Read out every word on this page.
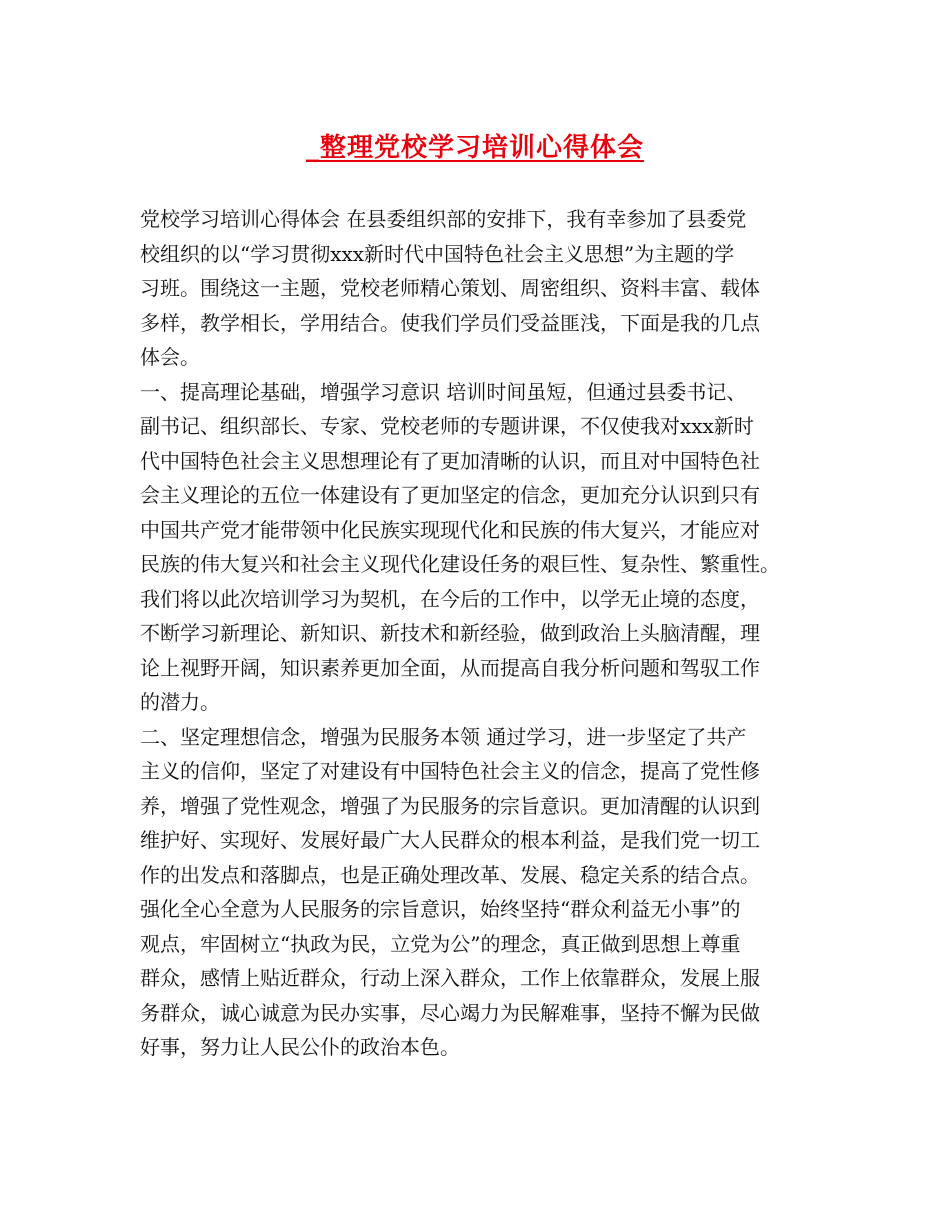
_整理党校学习培训心得体会
党校学习培训心得体会 在县委组织部的安排下，我有幸参加了县委党
校组织的以“学习贯彻xxx新时代中国特色社会主义思想”为主题的学
习班。围绕这一主题，党校老师精心策划、周密组织、资料丰富、载体
多样，教学相长，学用结合。使我们学员们受益匪浅，下面是我的几点
体会。
一、提高理论基础，增强学习意识 培训时间虽短，但通过县委书记、
副书记、组织部长、专家、党校老师的专题讲课，不仅使我对xxx新时
代中国特色社会主义思想理论有了更加清晰的认识，而且对中国特色社
会主义理论的五位一体建设有了更加坚定的信念，更加充分认识到只有
中国共产党才能带领中化民族实现现代化和民族的伟大复兴，才能应对
民族的伟大复兴和社会主义现代化建设任务的艰巨性、复杂性、繁重性。
我们将以此次培训学习为契机，在今后的工作中，以学无止境的态度，
不断学习新理论、新知识、新技术和新经验，做到政治上头脑清醒，理
论上视野开阔，知识素养更加全面，从而提高自我分析问题和驾驭工作
的潜力。
二、坚定理想信念，增强为民服务本领 通过学习，进一步坚定了共产
主义的信仰，坚定了对建设有中国特色社会主义的信念，提高了党性修
养，增强了党性观念，增强了为民服务的宗旨意识。更加清醒的认识到
维护好、实现好、发展好最广大人民群众的根本利益，是我们党一切工
作的出发点和落脚点，也是正确处理改革、发展、稳定关系的结合点。
强化全心全意为人民服务的宗旨意识，始终坚持“群众利益无小事”的
观点，牢固树立“执政为民，立党为公”的理念，真正做到思想上尊重
群众，感情上贴近群众，行动上深入群众，工作上依靠群众，发展上服
务群众，诚心诚意为民办实事，尽心竭力为民解难事，坚持不懈为民做
好事，努力让人民公仆的政治本色。
